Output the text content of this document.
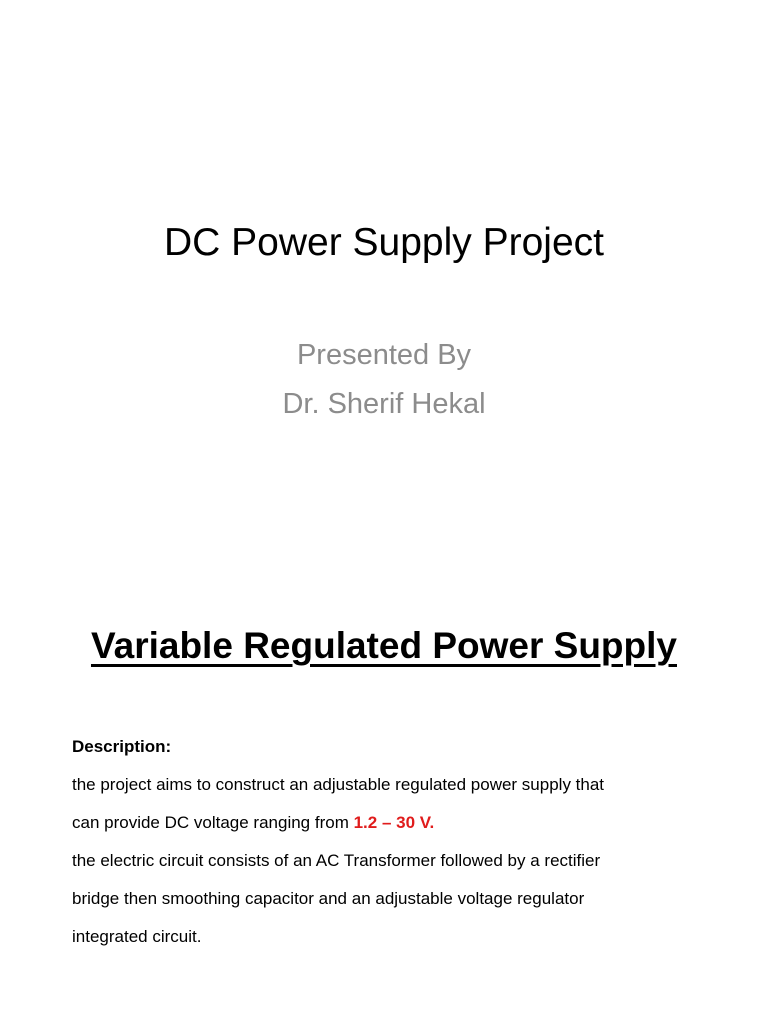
DC Power Supply Project
Presented By
Dr. Sherif Hekal
Variable Regulated Power Supply
Description:
the project aims to construct an adjustable regulated power supply that
can provide DC voltage ranging from 1.2 – 30 V.
the electric circuit consists of an AC Transformer followed by a rectifier
bridge then smoothing capacitor and an adjustable voltage regulator
integrated circuit.
